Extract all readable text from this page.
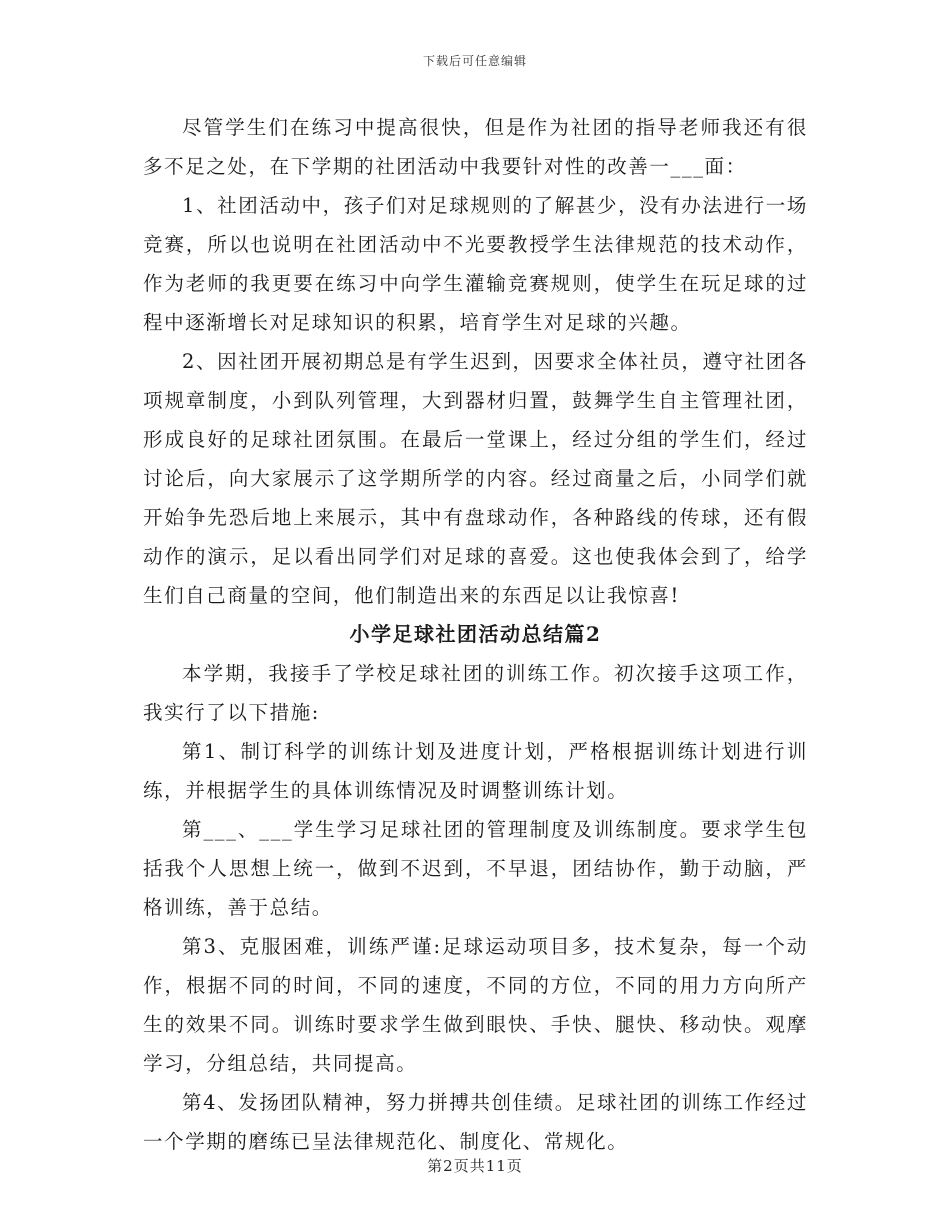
下载后可任意编辑

尽管学生们在练习中提高很快，但是作为社团的指导老师我还有很多不足之处，在下学期的社团活动中我要针对性的改善一___面：

1、社团活动中，孩子们对足球规则的了解甚少，没有办法进行一场竞赛，所以也说明在社团活动中不光要教授学生法律规范的技术动作，作为老师的我更要在练习中向学生灌输竞赛规则，使学生在玩足球的过程中逐渐增长对足球知识的积累，培育学生对足球的兴趣。

2、因社团开展初期总是有学生迟到，因要求全体社员，遵守社团各项规章制度，小到队列管理，大到器材归置，鼓舞学生自主管理社团，形成良好的足球社团氛围。在最后一堂课上，经过分组的学生们，经过讨论后，向大家展示了这学期所学的内容。经过商量之后，小同学们就开始争先恐后地上来展示，其中有盘球动作，各种路线的传球，还有假动作的演示，足以看出同学们对足球的喜爱。这也使我体会到了，给学生们自己商量的空间，他们制造出来的东西足以让我惊喜!

小学足球社团活动总结篇2

本学期，我接手了学校足球社团的训练工作。初次接手这项工作，我实行了以下措施:

第1、制订科学的训练计划及进度计划，严格根据训练计划进行训练，并根据学生的具体训练情况及时调整训练计划。

第___、___学生学习足球社团的管理制度及训练制度。要求学生包括我个人思想上统一，做到不迟到，不早退，团结协作，勤于动脑，严格训练，善于总结。

第3、克服困难，训练严谨:足球运动项目多，技术复杂，每一个动作，根据不同的时间，不同的速度，不同的方位，不同的用力方向所产生的效果不同。训练时要求学生做到眼快、手快、腿快、移动快。观摩学习，分组总结，共同提高。

第4、发扬团队精神，努力拼搏共创佳绩。足球社团的训练工作经过一个学期的磨练已呈法律规范化、制度化、常规化。

第2页共11页
